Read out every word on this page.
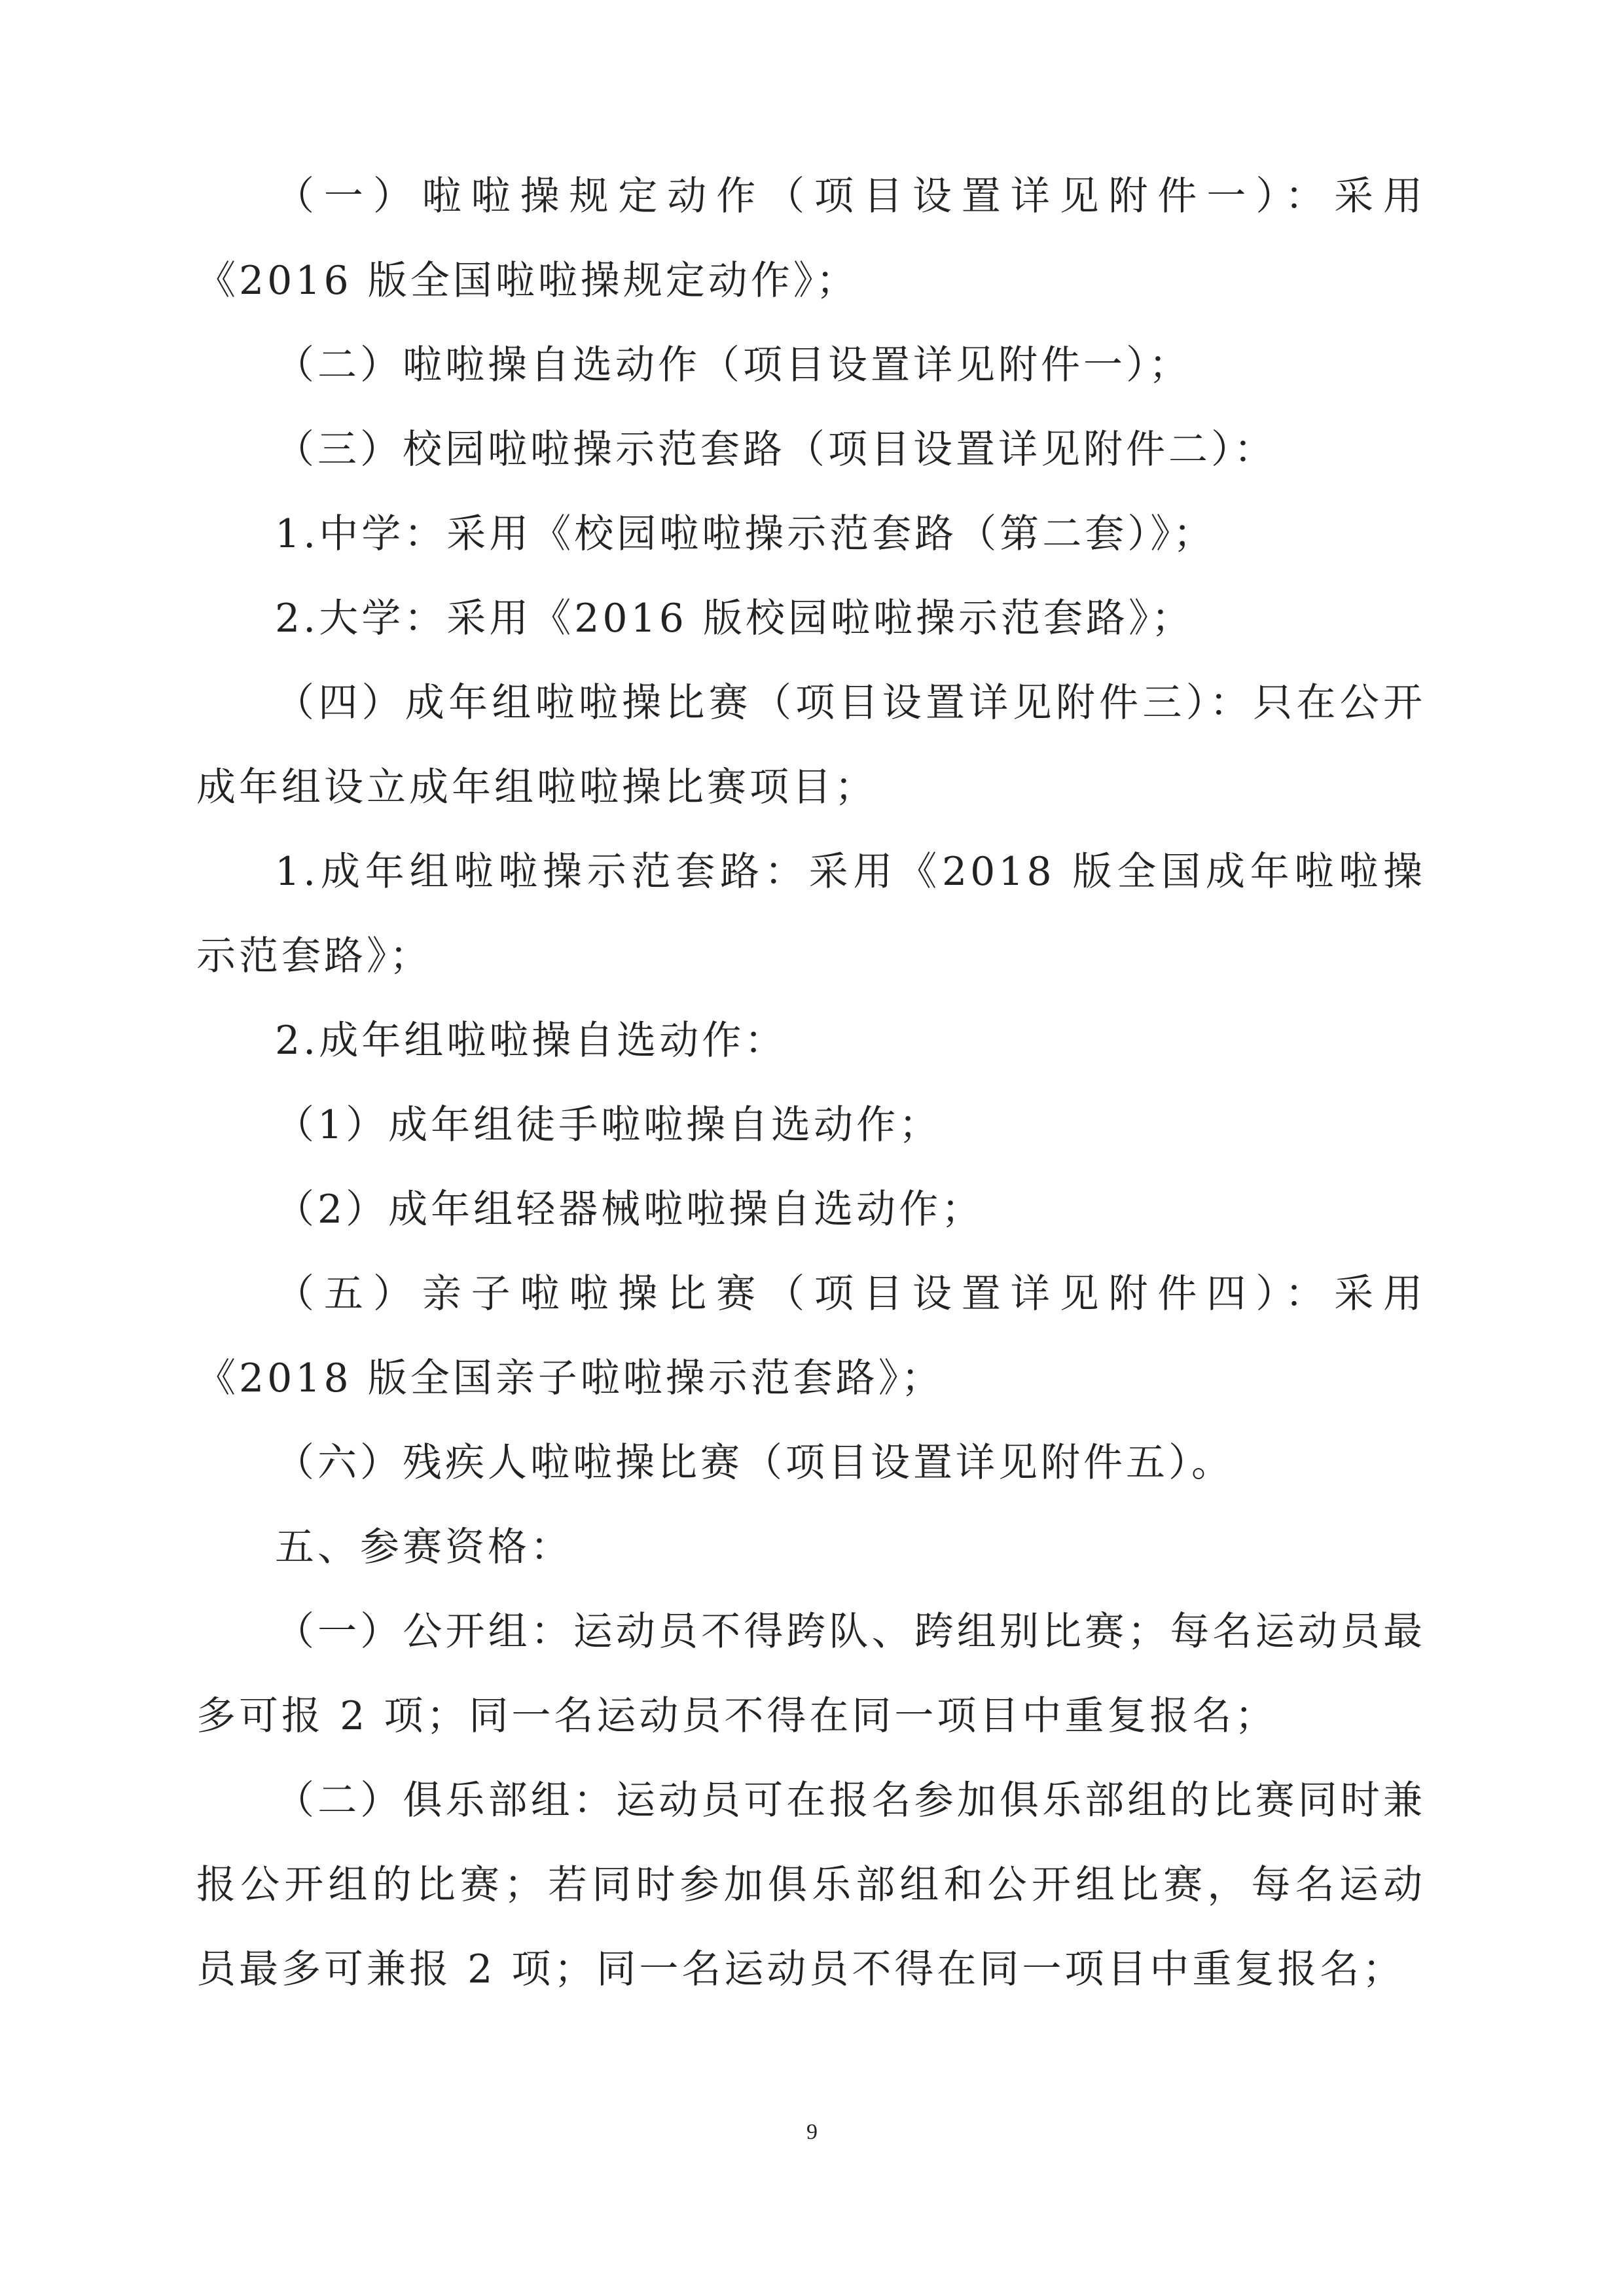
（一）啦啦操规定动作（项目设置详见附件一）：采用《2016 版全国啦啦操规定动作》；

（二）啦啦操自选动作（项目设置详见附件一）；

（三）校园啦啦操示范套路（项目设置详见附件二）：

1.中学：采用《校园啦啦操示范套路（第二套）》；

2.大学：采用《2016 版校园啦啦操示范套路》；

（四）成年组啦啦操比赛（项目设置详见附件三）：只在公开成年组设立成年组啦啦操比赛项目；

1.成年组啦啦操示范套路：采用《2018 版全国成年啦啦操示范套路》；

2.成年组啦啦操自选动作：

（1）成年组徒手啦啦操自选动作；

（2）成年组轻器械啦啦操自选动作；

（五）亲子啦啦操比赛（项目设置详见附件四）：采用《2018 版全国亲子啦啦操示范套路》；

（六）残疾人啦啦操比赛（项目设置详见附件五）。

五、参赛资格：

（一）公开组：运动员不得跨队、跨组别比赛；每名运动员最多可报 2 项；同一名运动员不得在同一项目中重复报名；

（二）俱乐部组：运动员可在报名参加俱乐部组的比赛同时兼报公开组的比赛；若同时参加俱乐部组和公开组比赛，每名运动员最多可兼报 2 项；同一名运动员不得在同一项目中重复报名；

9
